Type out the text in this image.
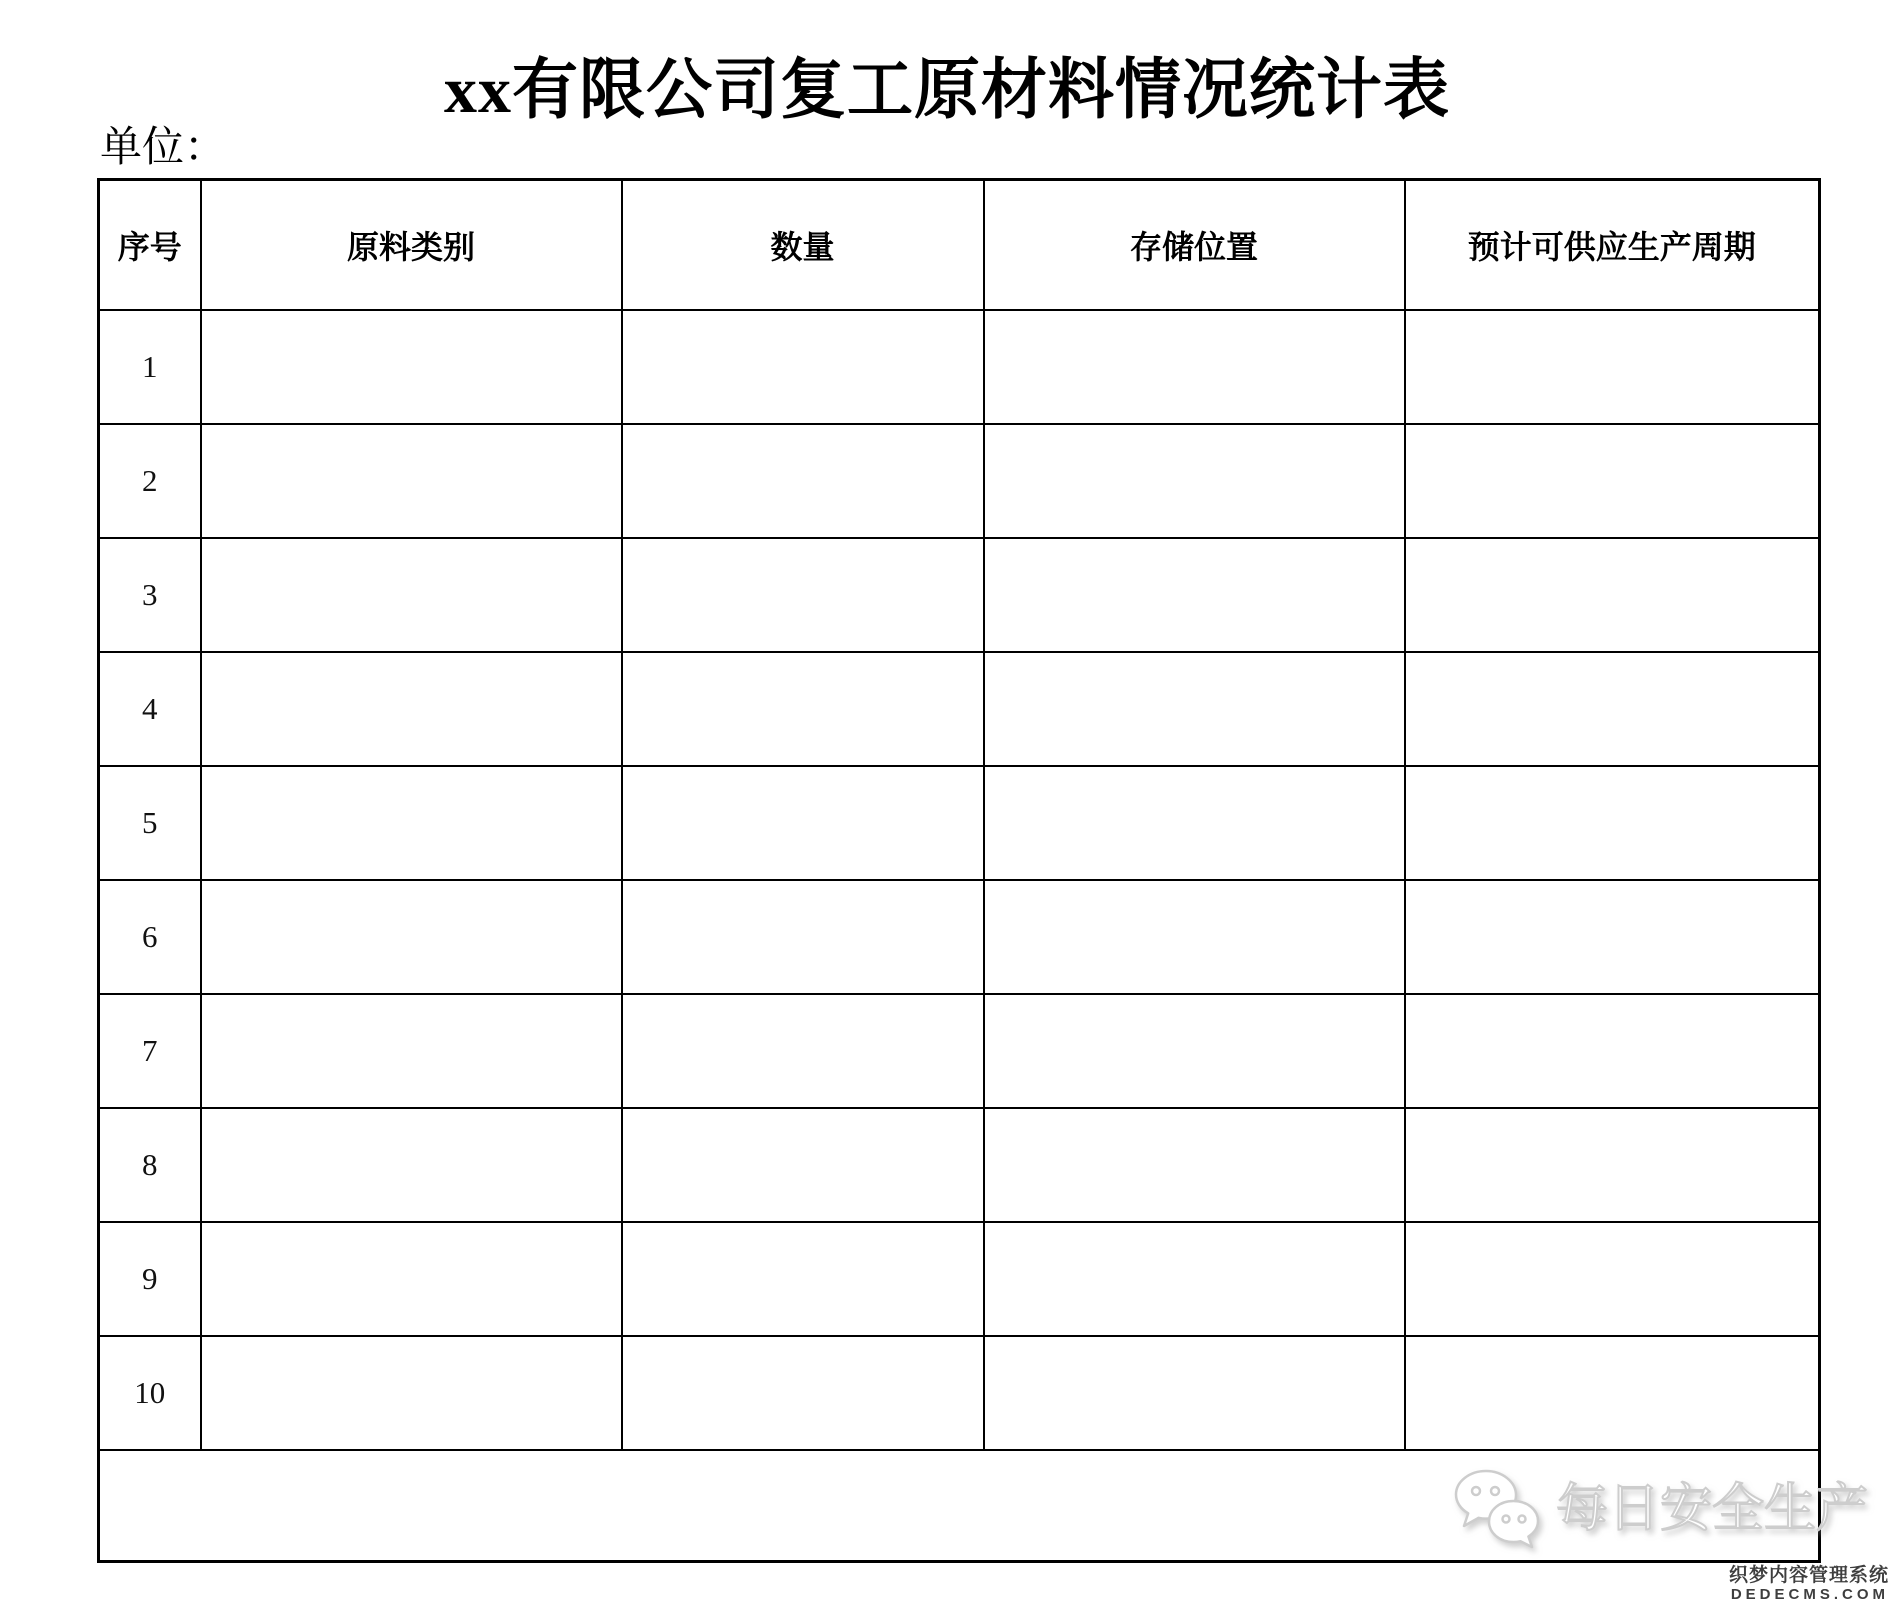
xx有限公司复工原材料情况统计表
单位：
序号	原料类别	数量	存储位置	预计可供应生产周期
1				
2				
3				
4				
5				
6				
7				
8				
9				
10				

每日安全生产
织梦内容管理系统
DEDECMS.COM
